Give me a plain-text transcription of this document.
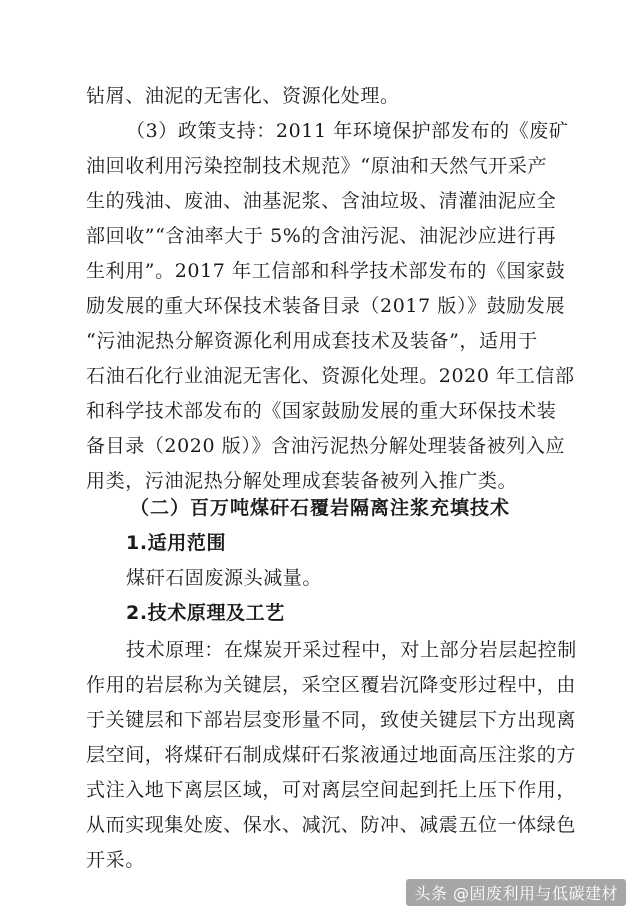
钻屑、油泥的无害化、资源化处理。
（3）政策支持：2011 年环境保护部发布的《废矿
油回收利用污染控制技术规范》“原油和天然气开采产
生的残油、废油、油基泥浆、含油垃圾、清灌油泥应全
部回收”“含油率大于 5%的含油污泥、油泥沙应进行再
生利用”。2017 年工信部和科学技术部发布的《国家鼓
励发展的重大环保技术装备目录（2017 版）》鼓励发展
“污油泥热分解资源化利用成套技术及装备”，适用于
石油石化行业油泥无害化、资源化处理。2020 年工信部
和科学技术部发布的《国家鼓励发展的重大环保技术装
备目录（2020 版）》含油污泥热分解处理装备被列入应
用类，污油泥热分解处理成套装备被列入推广类。
（二）百万吨煤矸石覆岩隔离注浆充填技术
1.适用范围
煤矸石固废源头减量。
2.技术原理及工艺
技术原理：在煤炭开采过程中，对上部分岩层起控制
作用的岩层称为关键层，采空区覆岩沉降变形过程中，由
于关键层和下部岩层变形量不同，致使关键层下方出现离
层空间，将煤矸石制成煤矸石浆液通过地面高压注浆的方
式注入地下离层区域，可对离层空间起到托上压下作用，
从而实现集处废、保水、减沉、防冲、减震五位一体绿色
开采。
头条 @固废利用与低碳建材
